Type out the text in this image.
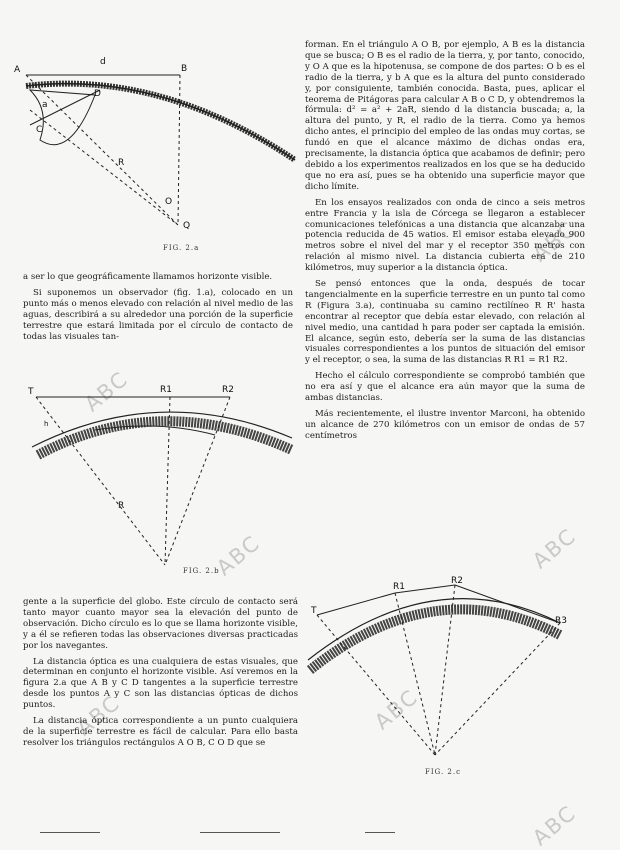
ABC
ABC
ABC
ABC
ABC	ABC
ABC
A	B
D
C
O
Q
d
a
R
FIG. 2.a
T	R1	R2
h
R
FIG. 2.b
T
R1
R2
R3
FIG. 2.c

a ser lo que geográficamente llamamos horizonte visible.

Si suponemos un observador (fig. 1.a), colocado en un punto más o menos elevado con relación al nivel medio de las aguas, describirá a su alrededor una porción de la superficie terrestre que estará limitada por el círculo de contacto de todas las visuales tan-

gente a la superficie del globo. Este círculo de contacto será tanto mayor cuanto mayor sea la elevación del punto de observación. Dicho círculo es lo que se llama horizonte visible, y a él se refieren todas las observaciones diversas practicadas por los navegantes.

La distancia óptica es una cualquiera de estas visuales, que determinan en conjunto el horizonte visible. Así veremos en la figura 2.a que A B y C D tangentes a la superficie terrestre desde los puntos A y C son las distancias ópticas de dichos puntos.

La distancia óptica correspondiente a un punto cualquiera de la superficie terrestre es fácil de calcular. Para ello basta resolver los triángulos rectángulos A O B, C O D que se

forman. En el triángulo A O B, por ejemplo, A B es la distancia que se busca; O B es el radio de la tierra, y, por tanto, conocido, y O A que es la hipotenusa, se compone de dos partes: O b es el radio de la tierra, y b A que es la altura del punto considerado y, por consiguiente, también conocida. Basta, pues, aplicar el teorema de Pitágoras para calcular A B o C D, y obtendremos la fórmula: d² = a² + 2aR, siendo d la distancia buscada; a, la altura del punto, y R, el radio de la tierra. Como ya hemos dicho antes, el principio del empleo de las ondas muy cortas, se fundó en que el alcance máximo de dichas ondas era, precisamente, la distancia óptica que acabamos de definir; pero debido a los experimentos realizados en los que se ha deducido que no era así, pues se ha obtenido una superficie mayor que dicho límite.

En los ensayos realizados con onda de cinco a seis metros entre Francia y la isla de Córcega se llegaron a establecer comunicaciones telefónicas a una distancia que alcanzaba una potencia reducida de 45 watios. El emisor estaba elevado 900 metros sobre el nivel del mar y el receptor 350 metros con relación al mismo nivel. La distancia cubierta era de 210 kilómetros, muy superior a la distancia óptica.

Se pensó entonces que la onda, después de tocar tangencialmente en la superficie terrestre en un punto tal como R (Figura 3.a), continuaba su camino rectilíneo R R' hasta encontrar al receptor que debía estar elevado, con relación al nivel medio, una cantidad h para poder ser captada la emisión. El alcance, según esto, debería ser la suma de las distancias visuales correspondientes a los puntos de situación del emisor y el receptor, o sea, la suma de las distancias R R1 = R1 R2.

Hecho el cálculo correspondiente se comprobó también que no era así y que el alcance era aún mayor que la suma de ambas distancias.

Más recientemente, el ilustre inventor Marconi, ha obtenido un alcance de 270 kilómetros con un emisor de ondas de 57 centímetros
